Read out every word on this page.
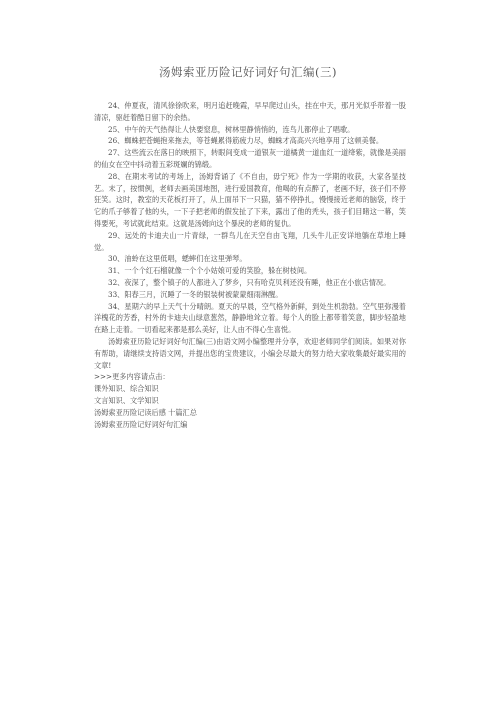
汤姆索亚历险记好词好句汇编(三)

24、仲夏夜，清风徐徐吹来，明月追赶晚霞，早早爬过山头，挂在中天，那月光似乎带着一股清凉，驱赶着酷日留下的余热。

25、中午的天气热得让人快要窒息，树林里静悄悄的，连鸟儿都停止了唱歌。

26、蜘蛛把苍蝇抱来拖去，等苍蝇累得筋疲力尽，蜘蛛才高高兴兴地享用了这顿美餐。

27、这些流云在落日的映照下，转眼间变成一道银灰一道橘黄一道血红一道绛紫，就像是美丽的仙女在空中抖动着五彩斑斓的锦缎。

28、在期末考试的考场上，汤姆背诵了《不自由，毋宁死》作为一学期的收获，大家各显技艺。末了，按惯例，老师去画美国地图，进行爱国教育，他喝的有点醉了，老画不好，孩子们不停狂笑。这时，教室的天花板打开了，从上面吊下一只猫，猫不停挣扎，慢慢接近老师的脑袋，终于它的爪子够着了他的头，一下子把老师的假发扯了下来，露出了他的秃头，孩子们目睹这一幕，笑得要死，考试就此结束。这就是汤姆向这个暴戾的老师的复仇。

29、远处的卡迪夫山一片青绿，一群鸟儿在天空自由飞翔，几头牛儿正安详地躺在草地上睡觉。

30、油蛉在这里低唱，蟋蟀们在这里弹琴。

31、一个个红石榴就像一个个小姑娘可爱的笑脸，躲在树枝间。

32、夜深了，整个镇子的人都进入了梦乡，只有哈克贝利还没有睡，他正在小旅店情况。

33、阳春三月，沉睡了一冬的银装树被蒙蒙细雨淋醒。

34、星期六的早上天气十分晴朗。夏天的早晨，空气格外新鲜，到处生机勃勃。空气里弥漫着洋槐花的芳香，村外的卡迪夫山绿意葱然，静静地耸立着。每个人的脸上都带着笑意，脚步轻盈地在路上走着。一切看起来都是那么美好，让人由不得心生喜悦。

汤姆索亚历险记好词好句汇编(三)由语文网小编整理并分享，欢迎老师同学们阅读。如果对你有帮助，请继续支持语文网，并提出您的宝贵建议，小编会尽最大的努力给大家收集最好最实用的文章!

>>>更多内容请点击：

课外知识、综合知识
文言知识、文学知识
汤姆索亚历险记读后感 十篇汇总
汤姆索亚历险记好词好句汇编
